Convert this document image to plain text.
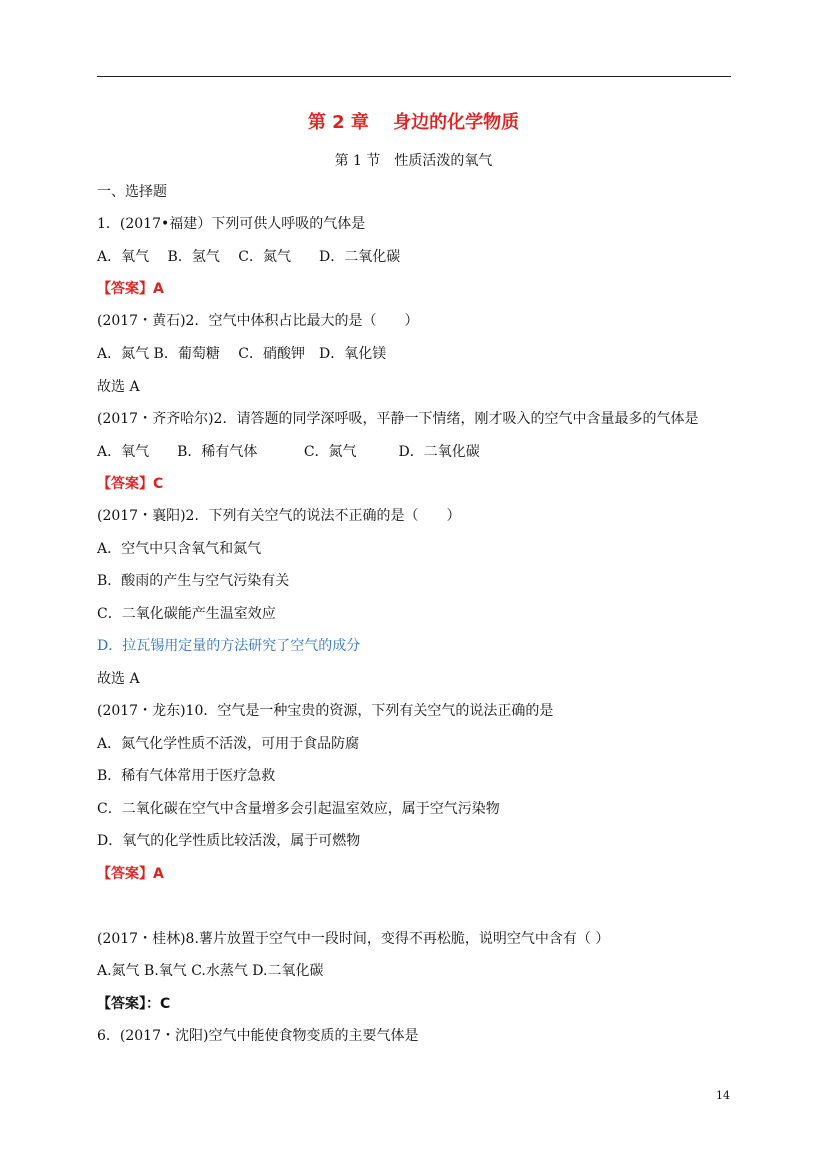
第 2 章　 身边的化学物质
第 1 节　性质活泼的氧气
一、选择题
1．(2017•福建）下列可供人呼吸的气体是
A．氧气　 B．氢气　 C．氮气　　D．二氧化碳
【答案】A
(2017・黄石)2．空气中体积占比最大的是（　　）
A．氮气 B．葡萄糖　 C．硝酸钾　D．氧化镁
故选 A
(2017・齐齐哈尔)2．请答题的同学深呼吸，平静一下情绪，刚才吸入的空气中含量最多的气体是
A．氧气　　B．稀有气体　　　 C．氮气　　　D．二氧化碳
【答案】C
(2017・襄阳)2．下列有关空气的说法不正确的是（　　）
A．空气中只含氧气和氮气
B．酸雨的产生与空气污染有关
C．二氧化碳能产生温室效应
D．拉瓦锡用定量的方法研究了空气的成分
故选 A
(2017・龙东)10．空气是一种宝贵的资源，下列有关空气的说法正确的是
A．氮气化学性质不活泼，可用于食品防腐
B．稀有气体常用于医疗急救
C．二氧化碳在空气中含量增多会引起温室效应，属于空气污染物
D．氧气的化学性质比较活泼，属于可燃物
【答案】A
(2017・桂林)8.薯片放置于空气中一段时间，变得不再松脆，说明空气中含有（ ）
A.氮气 B.氧气 C.水蒸气 D.二氧化碳
【答案】：C
6．(2017・沈阳)空气中能使食物变质的主要气体是
14
